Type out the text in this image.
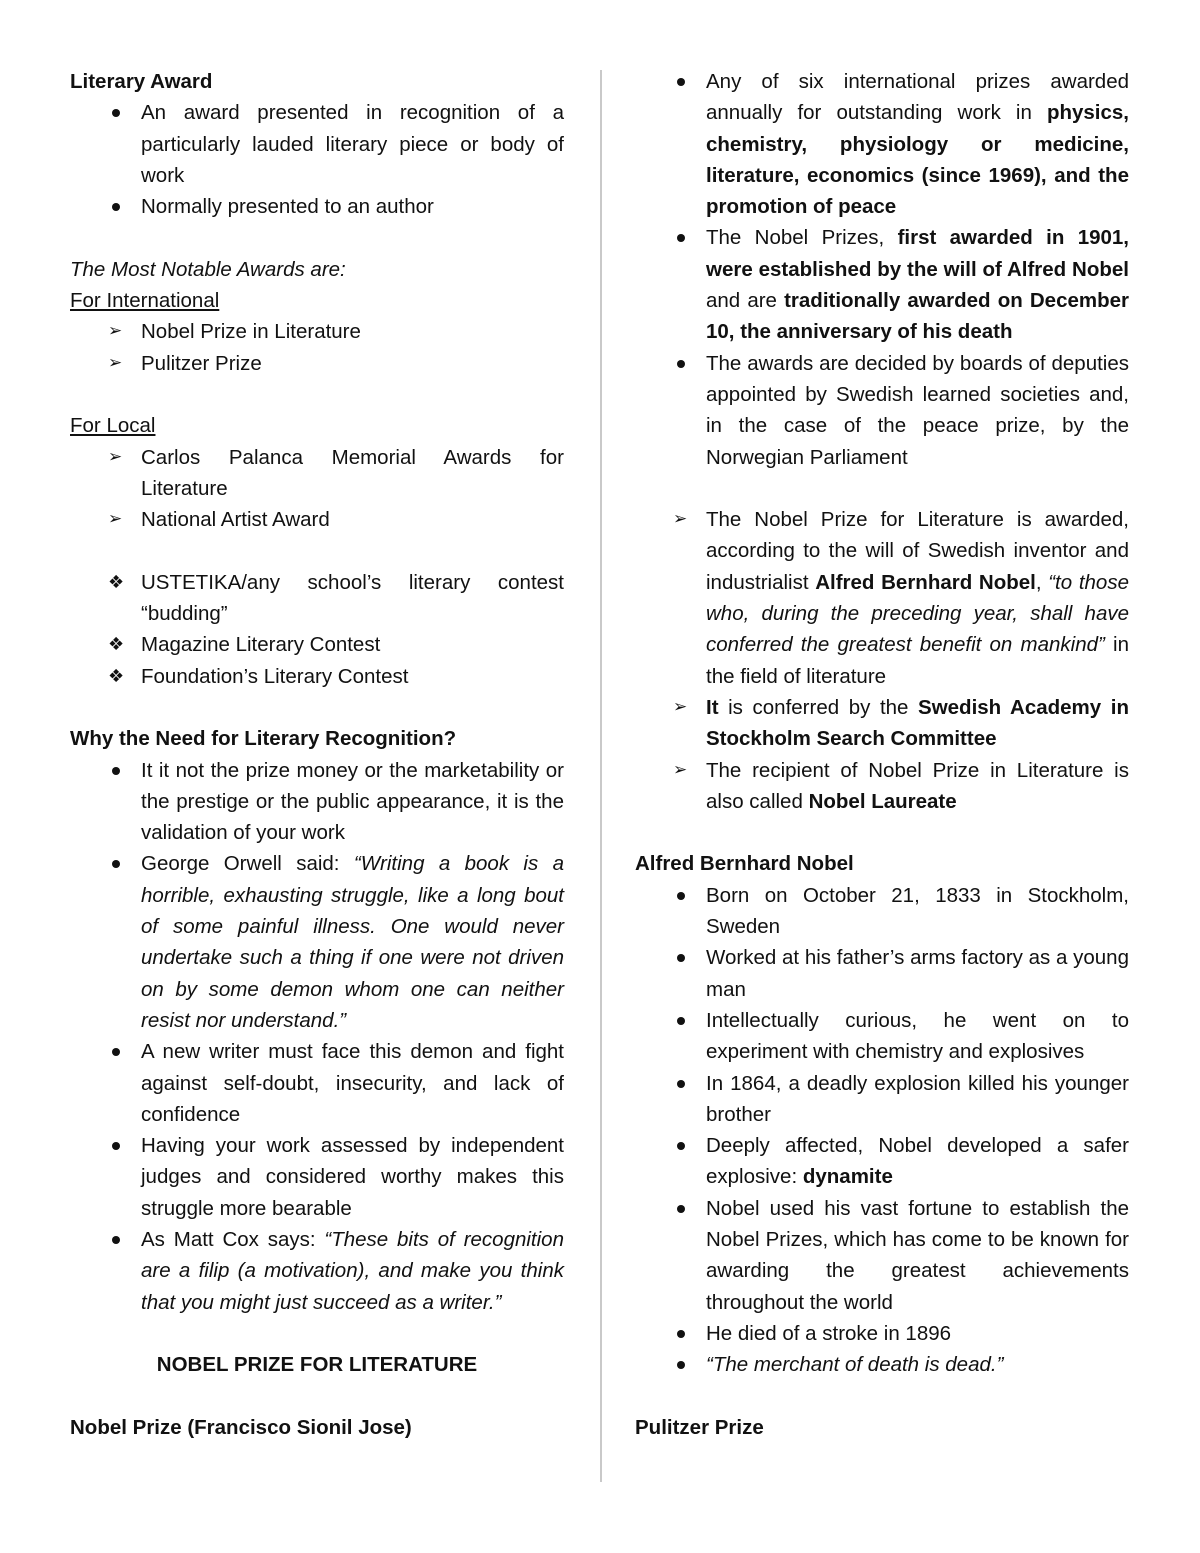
Literary Award
An award presented in recognition of a particularly lauded literary piece or body of work
Normally presented to an author
The Most Notable Awards are:
For International
➢ Nobel Prize in Literature
➢ Pulitzer Prize
For Local
➢ Carlos Palanca Memorial Awards for Literature
➢ National Artist Award
❖ USTETIKA/any school’s literary contest “budding”
❖ Magazine Literary Contest
❖ Foundation’s Literary Contest
Why the Need for Literary Recognition?
It it not the prize money or the marketability or the prestige or the public appearance, it is the validation of your work
George Orwell said: “Writing a book is a horrible, exhausting struggle, like a long bout of some painful illness. One would never undertake such a thing if one were not driven on by some demon whom one can neither resist nor understand.”
A new writer must face this demon and fight against self-doubt, insecurity, and lack of confidence
Having your work assessed by independent judges and considered worthy makes this struggle more bearable
As Matt Cox says: “These bits of recognition are a filip (a motivation), and make you think that you might just succeed as a writer.”
NOBEL PRIZE FOR LITERATURE
Nobel Prize (Francisco Sionil Jose)
Any of six international prizes awarded annually for outstanding work in physics, chemistry, physiology or medicine, literature, economics (since 1969), and the promotion of peace
The Nobel Prizes, first awarded in 1901, were established by the will of Alfred Nobel and are traditionally awarded on December 10, the anniversary of his death
The awards are decided by boards of deputies appointed by Swedish learned societies and, in the case of the peace prize, by the Norwegian Parliament
➢ The Nobel Prize for Literature is awarded, according to the will of Swedish inventor and industrialist Alfred Bernhard Nobel, “to those who, during the preceding year, shall have conferred the greatest benefit on mankind” in the field of literature
➢ It is conferred by the Swedish Academy in Stockholm Search Committee
➢ The recipient of Nobel Prize in Literature is also called Nobel Laureate
Alfred Bernhard Nobel
Born on October 21, 1833 in Stockholm, Sweden
Worked at his father’s arms factory as a young man
Intellectually curious, he went on to experiment with chemistry and explosives
In 1864, a deadly explosion killed his younger brother
Deeply affected, Nobel developed a safer explosive: dynamite
Nobel used his vast fortune to establish the Nobel Prizes, which has come to be known for awarding the greatest achievements throughout the world
He died of a stroke in 1896
“The merchant of death is dead.”
Pulitzer Prize
